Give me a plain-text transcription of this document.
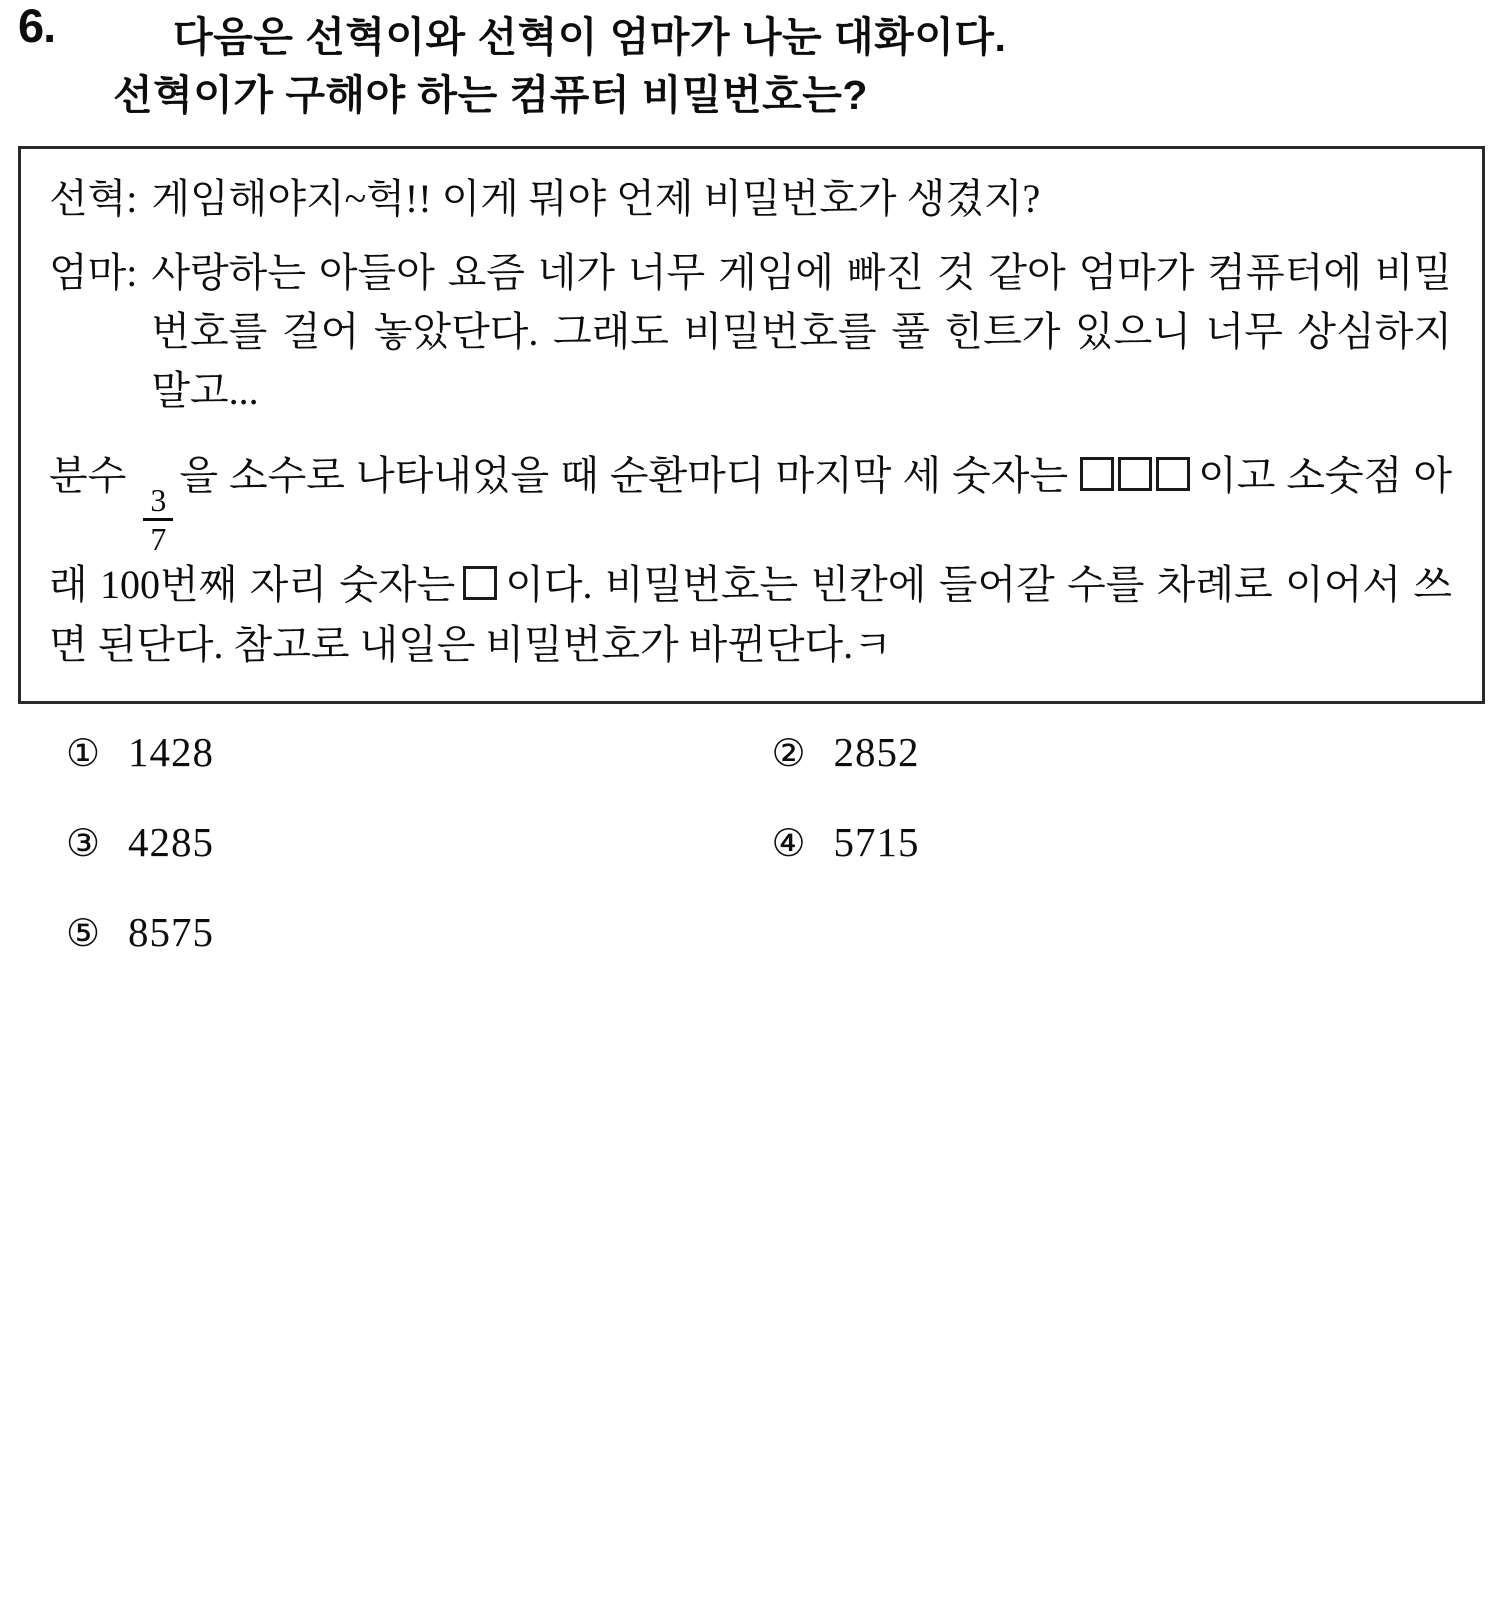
6.	다음은 선혁이와 선혁이 엄마가 나눈 대화이다.
선혁이가 구해야 하는 컴퓨터 비밀번호는?
선혁: 게임해야지~헉!! 이게 뭐야 언제 비밀번호가 생겼지?
엄마: 사랑하는 아들아 요즘 네가 너무 게임에 빠진 것 같아 엄마가 컴퓨터에 비밀번호를 걸어 놓았단다. 그래도 비밀번호를 풀 힌트가 있으니 너무 상심하지 말고...
분수
$\frac{3}{7}$
을 소수로 나타내었을 때 순환마디 마지막 세 숫자는	이고 소숫점 아래 100번째 자리 숫자는 이다. 비밀번호는 빈칸에 들어갈 수를 차례로 이어서 쓰면 된단다. 참고로 내일은 비밀번호가 바뀐단다.ㅋ
① 1428	② 2852
③ 4285	④ 5715
⑤ 8575
